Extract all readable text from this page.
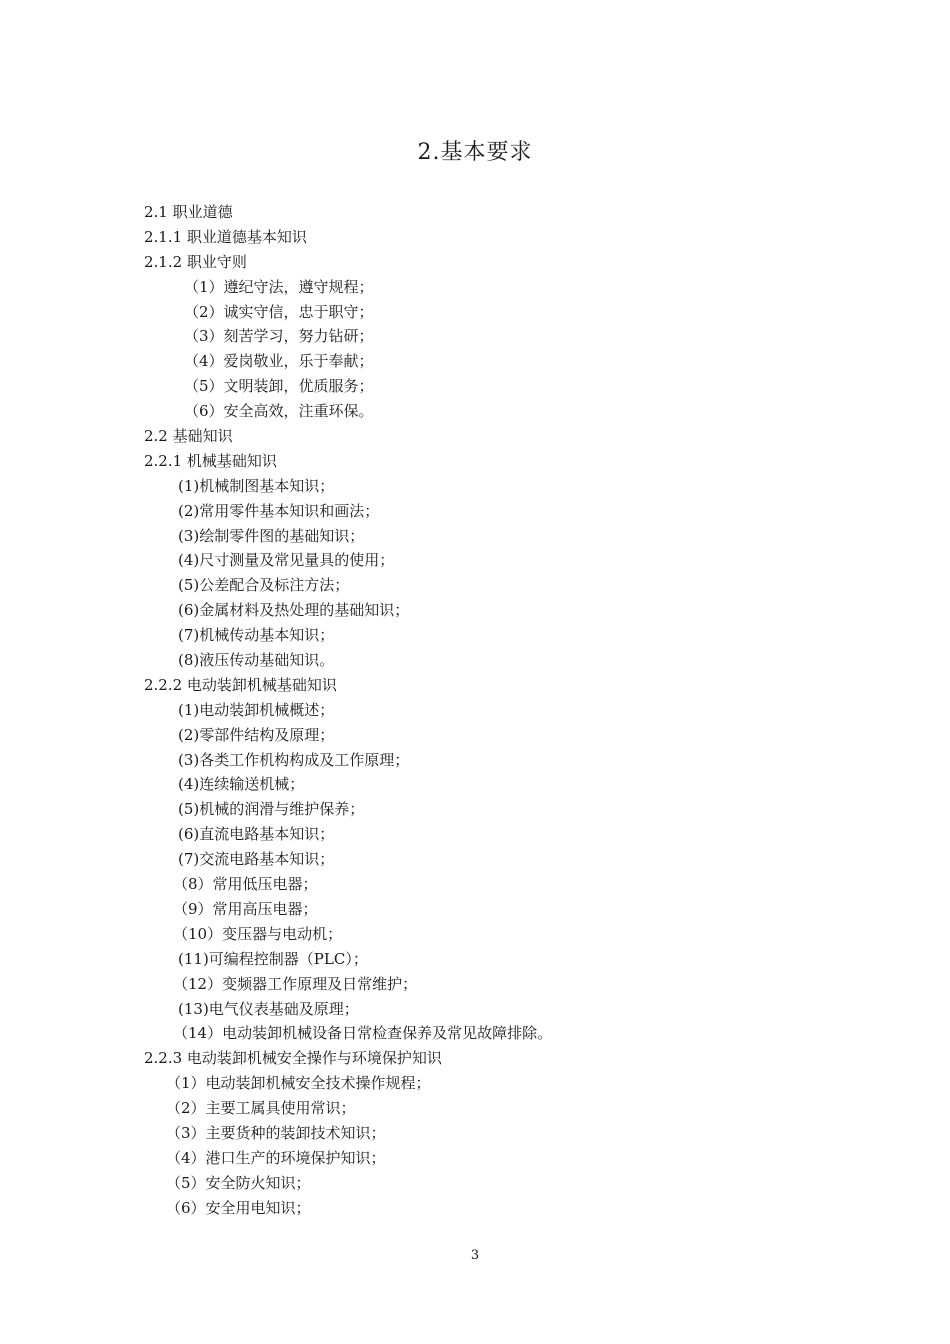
2.基本要求
2.1 职业道德
2.1.1 职业道德基本知识
2.1.2 职业守则
（1）遵纪守法，遵守规程；
（2）诚实守信，忠于职守；
（3）刻苦学习，努力钻研；
（4）爱岗敬业，乐于奉献；
（5）文明装卸，优质服务；
（6）安全高效，注重环保。
2.2 基础知识
2.2.1 机械基础知识
(1)机械制图基本知识；
(2)常用零件基本知识和画法；
(3)绘制零件图的基础知识；
(4)尺寸测量及常见量具的使用；
(5)公差配合及标注方法；
(6)金属材料及热处理的基础知识；
(7)机械传动基本知识；
(8)液压传动基础知识。
2.2.2 电动装卸机械基础知识
(1)电动装卸机械概述；
(2)零部件结构及原理；
(3)各类工作机构构成及工作原理；
(4)连续输送机械；
(5)机械的润滑与维护保养；
(6)直流电路基本知识；
(7)交流电路基本知识；
（8）常用低压电器；
（9）常用高压电器；
（10）变压器与电动机；
(11)可编程控制器（PLC）；
（12）变频器工作原理及日常维护；
(13)电气仪表基础及原理；
（14）电动装卸机械设备日常检查保养及常见故障排除。
2.2.3 电动装卸机械安全操作与环境保护知识
（1）电动装卸机械安全技术操作规程；
（2）主要工属具使用常识；
（3）主要货种的装卸技术知识；
（4）港口生产的环境保护知识；
（5）安全防火知识；
（6）安全用电知识；
3
